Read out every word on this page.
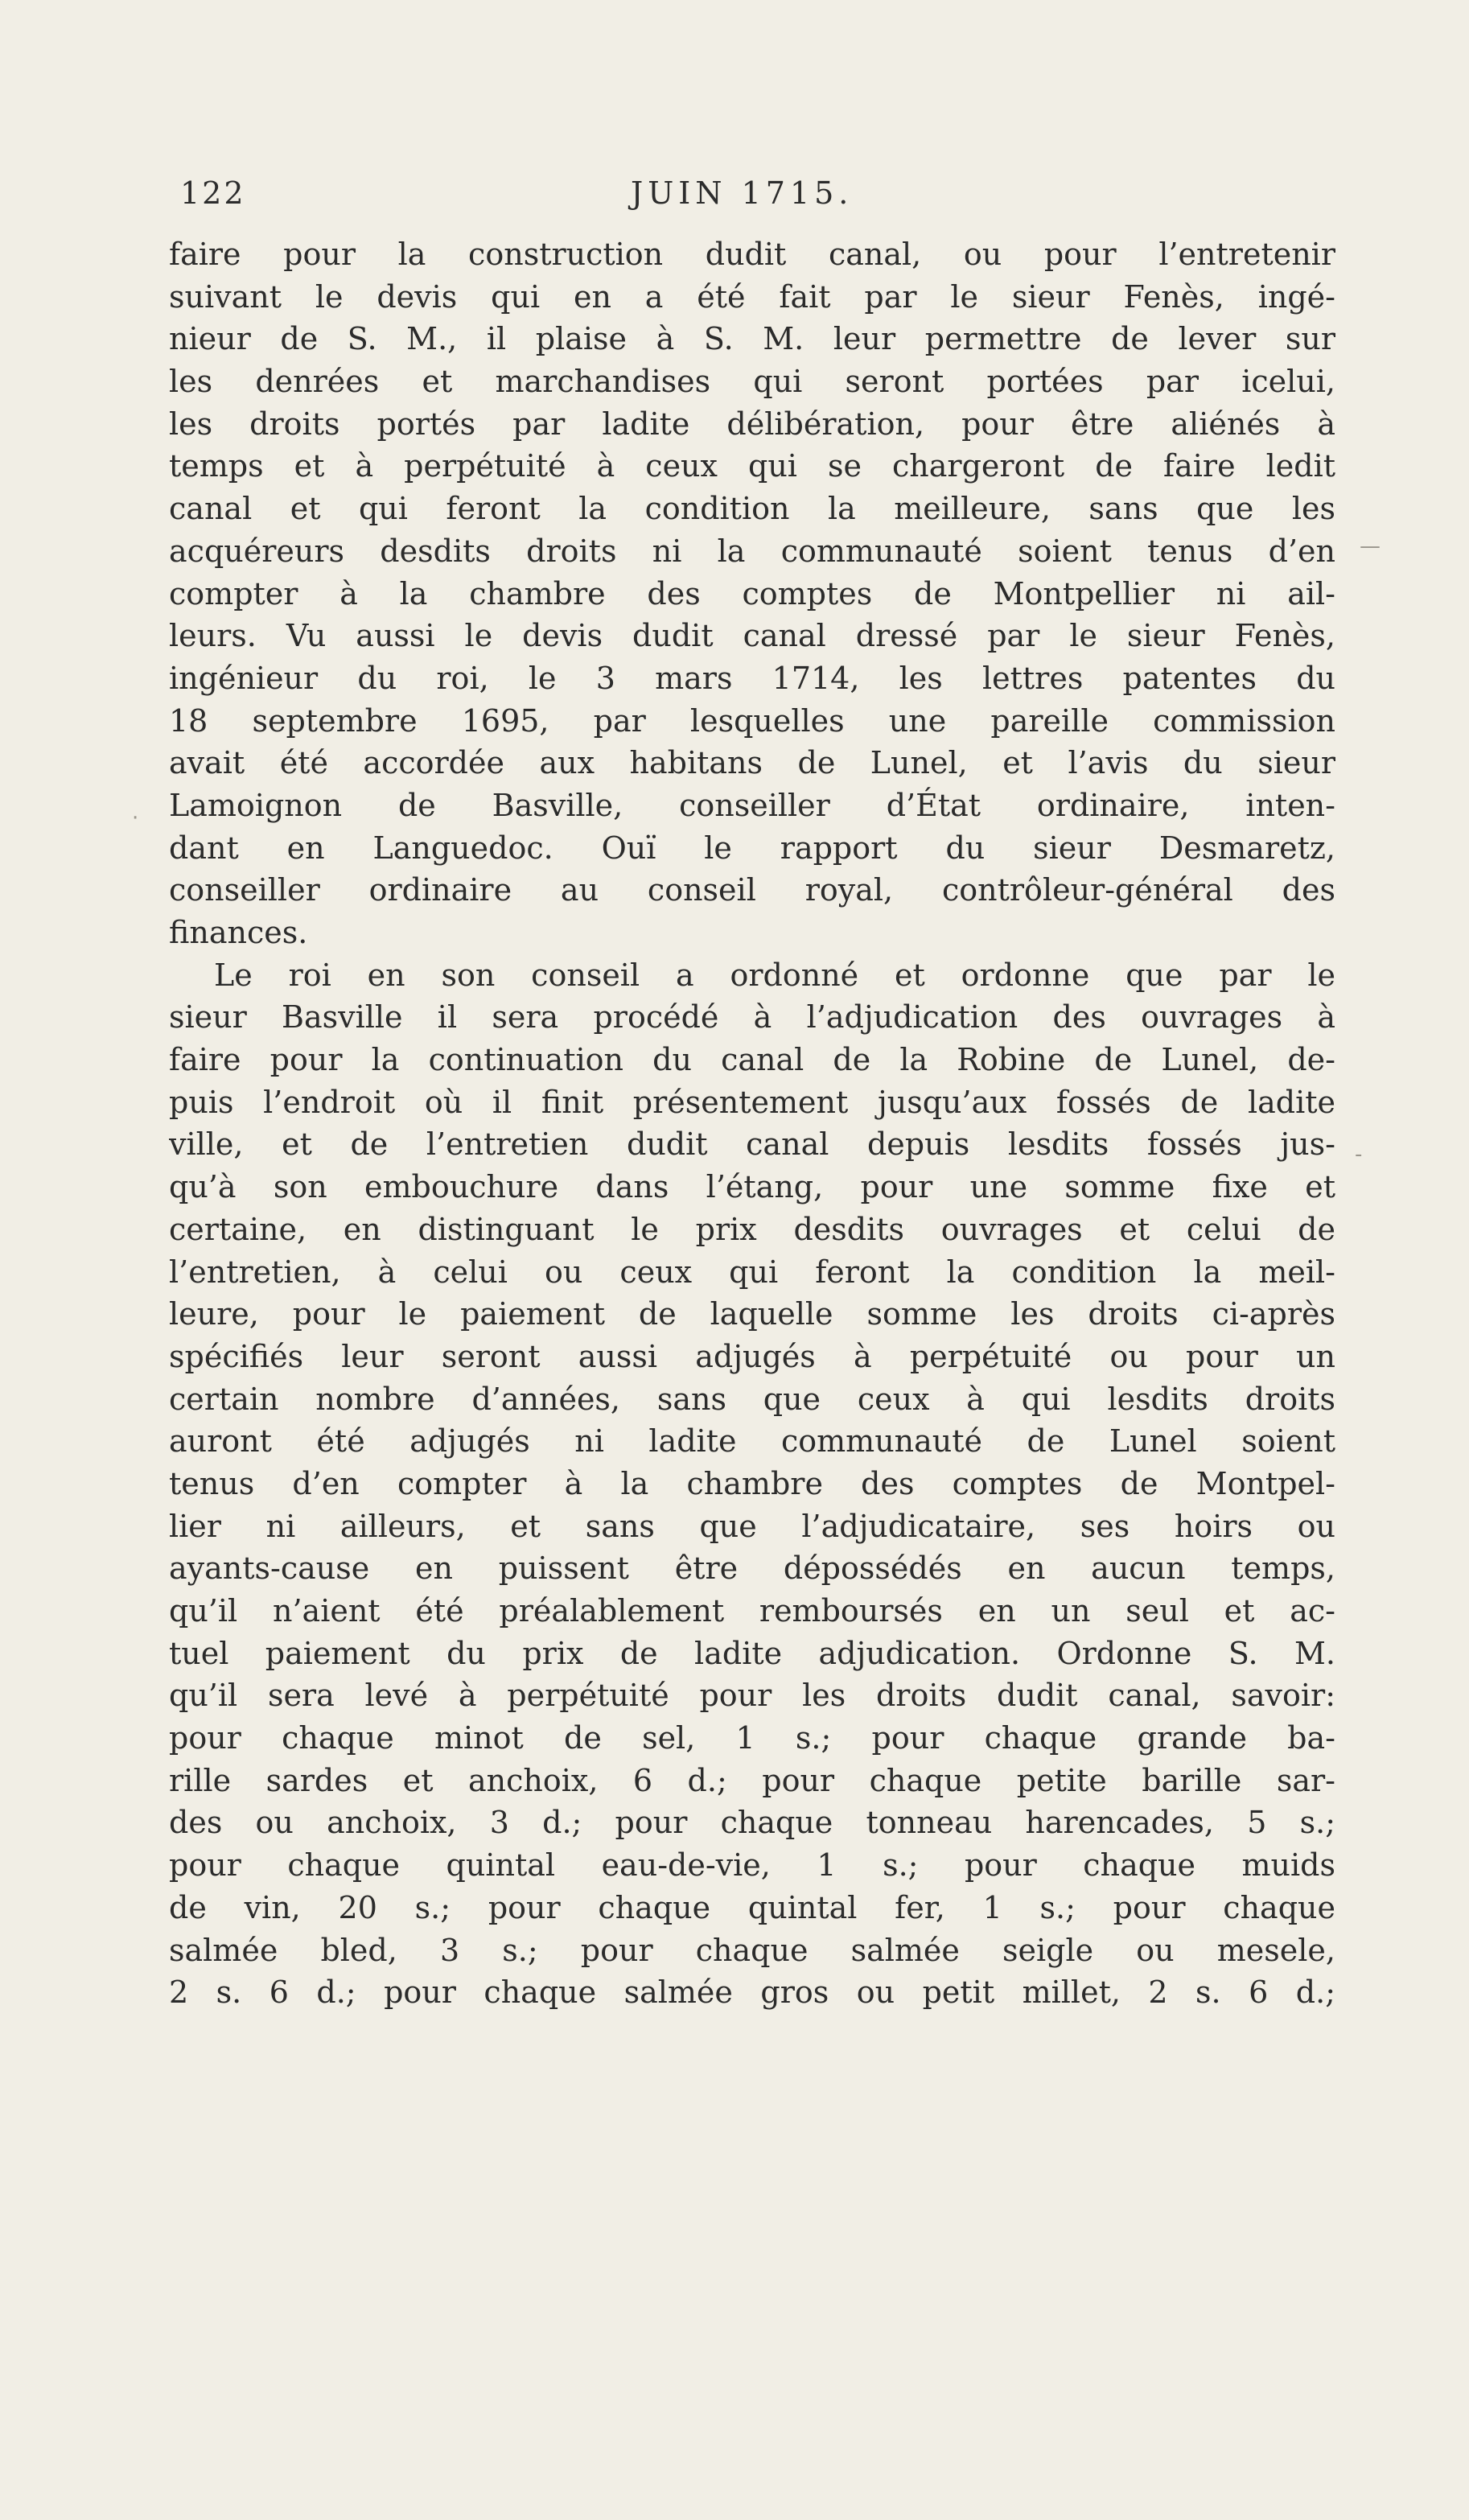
122	JUIN 1715.
faire pour la construction dudit canal, ou pour l’entretenir
suivant le devis qui en a été fait par le sieur Fenès, ingé-
nieur de S. M., il plaise à S. M. leur permettre de lever sur
les denrées et marchandises qui seront portées par icelui,
les droits portés par ladite délibération, pour être aliénés à
temps et à perpétuité à ceux qui se chargeront de faire ledit
canal et qui feront la condition la meilleure, sans que les
acquéreurs desdits droits ni la communauté soient tenus d’en
compter à la chambre des comptes de Montpellier ni ail-
leurs. Vu aussi le devis dudit canal dressé par le sieur Fenès,
ingénieur du roi, le 3 mars 1714, les lettres patentes du
18 septembre 1695, par lesquelles une pareille commission
avait été accordée aux habitans de Lunel, et l’avis du sieur
Lamoignon de Basville, conseiller d’État ordinaire, inten-
dant en Languedoc. Ouï le rapport du sieur Desmaretz,
conseiller ordinaire au conseil royal, contrôleur-général des
finances.
Le roi en son conseil a ordonné et ordonne que par le
sieur Basville il sera procédé à l’adjudication des ouvrages à
faire pour la continuation du canal de la Robine de Lunel, de-
puis l’endroit où il finit présentement jusqu’aux fossés de ladite
ville, et de l’entretien dudit canal depuis lesdits fossés jus-
qu’à son embouchure dans l’étang, pour une somme fixe et
certaine, en distinguant le prix desdits ouvrages et celui de
l’entretien, à celui ou ceux qui feront la condition la meil-
leure, pour le paiement de laquelle somme les droits ci-après
spécifiés leur seront aussi adjugés à perpétuité ou pour un
certain nombre d’années, sans que ceux à qui lesdits droits
auront été adjugés ni ladite communauté de Lunel soient
tenus d’en compter à la chambre des comptes de Montpel-
lier ni ailleurs, et sans que l’adjudicataire, ses hoirs ou
ayants-cause en puissent être dépossédés en aucun temps,
qu’il n’aient été préalablement remboursés en un seul et ac-
tuel paiement du prix de ladite adjudication. Ordonne S. M.
qu’il sera levé à perpétuité pour les droits dudit canal, savoir:
pour chaque minot de sel, 1 s.; pour chaque grande ba-
rille sardes et anchoix, 6 d.; pour chaque petite barille sar-
des ou anchoix, 3 d.; pour chaque tonneau harencades, 5 s.;
pour chaque quintal eau-de-vie, 1 s.; pour chaque muids
de vin, 20 s.; pour chaque quintal fer, 1 s.; pour chaque
salmée bled, 3 s.; pour chaque salmée seigle ou mesele,
2 s. 6 d.; pour chaque salmée gros ou petit millet, 2 s. 6 d.;
—
·
-
